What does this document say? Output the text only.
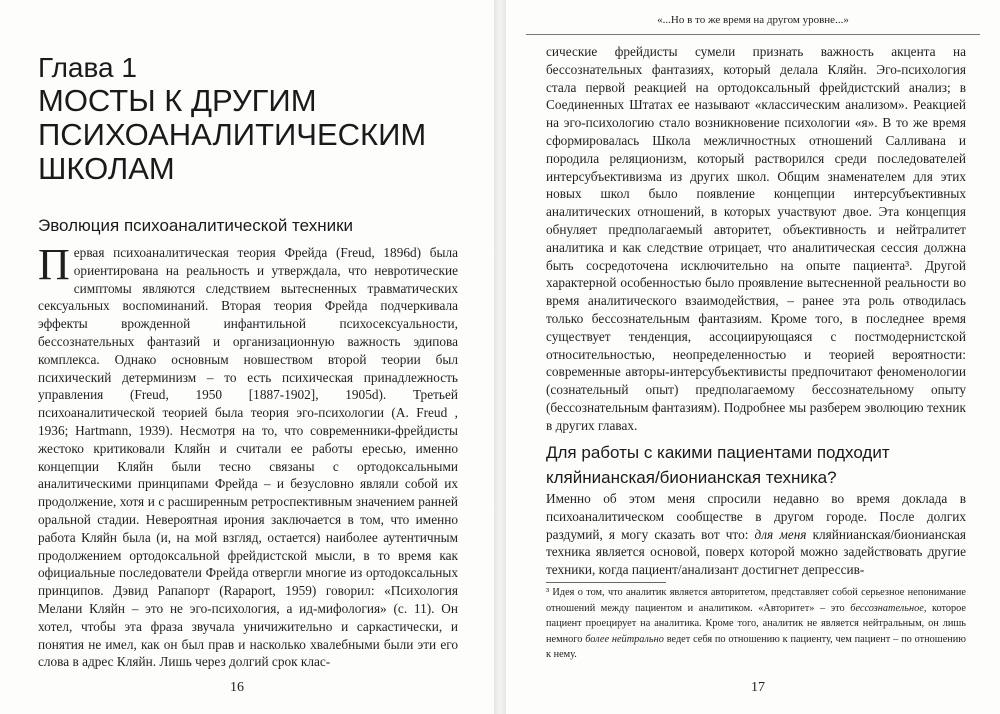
Глава 1
МОСТЫ К ДРУГИМ
ПСИХОАНАЛИТИЧЕСКИМ
ШКОЛАМ
Эволюция психоаналитической техники

Первая психоаналитическая теория Фрейда (Freud, 1896d) была ориентирована на реальность и утверждала, что невротические симптомы являются следствием вытесненных травматических сексуальных воспоминаний. Вторая теория Фрейда подчеркивала эффекты врожденной инфантильной психосексуальности, бессознательных фантазий и организационную важность эдипова комплекса. Однако основным новшеством второй теории был психический детерминизм – то есть психическая принадлежность управления (Freud, 1950 [1887-1902], 1905d). Третьей психоаналитической теорией была теория эго-психологии (A. Freud , 1936; Hartmann, 1939). Несмотря на то, что современники-фрейдисты жестоко критиковали Кляйн и считали ее работы ересью, именно концепции Кляйн были тесно связаны с ортодоксальными аналитическими принципами Фрейда – и безусловно являли собой их продолжение, хотя и с расширенным ретроспективным значением ранней оральной стадии. Невероятная ирония заключается в том, что именно работа Кляйн была (и, на мой взгляд, остается) наиболее аутентичным продолжением ортодоксальной фрейдистской мысли, в то время как официальные последователи Фрейда отвергли многие из ортодоксальных принципов. Дэвид Рапапорт (Rapaport, 1959) говорил: «Психология Мелани Кляйн – это не эго-психология, а ид-мифология» (с. 11). Он хотел, чтобы эта фраза звучала уничижительно и саркастически, и понятия не имел, как он был прав и насколько хвалебными были эти его слова в адрес Кляйн. Лишь через долгий срок клас-

16
«...Но в то же время на другом уровне...»

сические фрейдисты сумели признать важность акцента на бессознательных фантазиях, который делала Кляйн. Эго-психология стала первой реакцией на ортодоксальный фрейдистский анализ; в Соединенных Штатах ее называют «классическим анализом». Реакцией на эго-психологию стало возникновение психологии «я». В то же время сформировалась Школа межличностных отношений Салливана и породила реляционизм, который растворился среди последователей интерсубъективизма из других школ. Общим знаменателем для этих новых школ было появление концепции интерсубъективных аналитических отношений, в которых участвуют двое. Эта концепция обнуляет предполагаемый авторитет, объективность и нейтралитет аналитика и как следствие отрицает, что аналитическая сессия должна быть сосредоточена исключительно на опыте пациента³. Другой характерной особенностью было проявление вытесненной реальности во время аналитического взаимодействия, – ранее эта роль отводилась только бессознательным фантазиям. Кроме того, в последнее время существует тенденция, ассоциирующаяся с постмодернистской относительностью, неопределенностью и теорией вероятности: современные авторы-интерсубъективисты предпочитают феноменологии (сознательный опыт) предполагаемому бессознательному опыту (бессознательным фантазиям). Подробнее мы разберем эволюцию техник в других главах.

Для работы с какими пациентами подходит кляйнианская/бионианская техника?

Именно об этом меня спросили недавно во время доклада в психоаналитическом сообществе в другом городе. После долгих раздумий, я могу сказать вот что: для меня кляйнианская/бионианская техника является основой, поверх которой можно задействовать другие техники, когда пациент/анализант достигнет депрессив-

³ Идея о том, что аналитик является авторитетом, представляет собой серьезное непонимание отношений между пациентом и аналитиком. «Авторитет» – это бессознательное, которое пациент проецирует на аналитика. Кроме того, аналитик не является нейтральным, он лишь немного более нейтрально ведет себя по отношению к пациенту, чем пациент – по отношению к нему.

17
